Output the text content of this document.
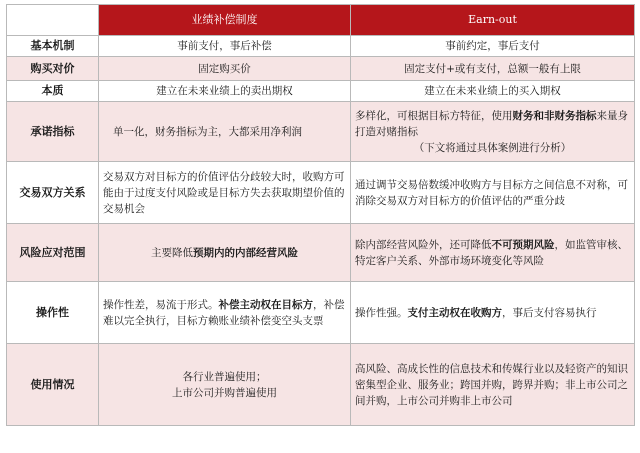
	业绩补偿制度	Earn-out
基本机制	事前支付，事后补偿	事前约定，事后支付
购买对价	固定购买价	固定支付+或有支付，总额一般有上限
本质	建立在未来业绩上的卖出期权	建立在未来业绩上的买入期权
承诺指标	单一化，财务指标为主，大都采用净利润	多样化，可根据目标方特征，使用财务和非财务指标来量身打造对赌指标
（下文将通过具体案例进行分析）

交易双方关系	交易双方对目标方的价值评估分歧较大时，收购方可能由于过度支付风险或是目标方失去获取期望价值的交易机会	通过调节交易倍数缓冲收购方与目标方之间信息不对称，可消除交易双方对目标方的价值评估的严重分歧
风险应对范围	主要降低预期内的内部经营风险	除内部经营风险外，还可降低不可预期风险，如监管审核、特定客户关系、外部市场环境变化等风险
操作性	操作性差，易流于形式。补偿主动权在目标方，补偿难以完全执行，目标方赖账业绩补偿变空头支票	操作性强。支付主动权在收购方，事后支付容易执行
使用情况	各行业普遍使用；
上市公司并购普遍使用	高风险、高成长性的信息技术和传媒行业以及轻资产的知识密集型企业、服务业；跨国并购，跨界并购；非上市公司之间并购，上市公司并购非上市公司
